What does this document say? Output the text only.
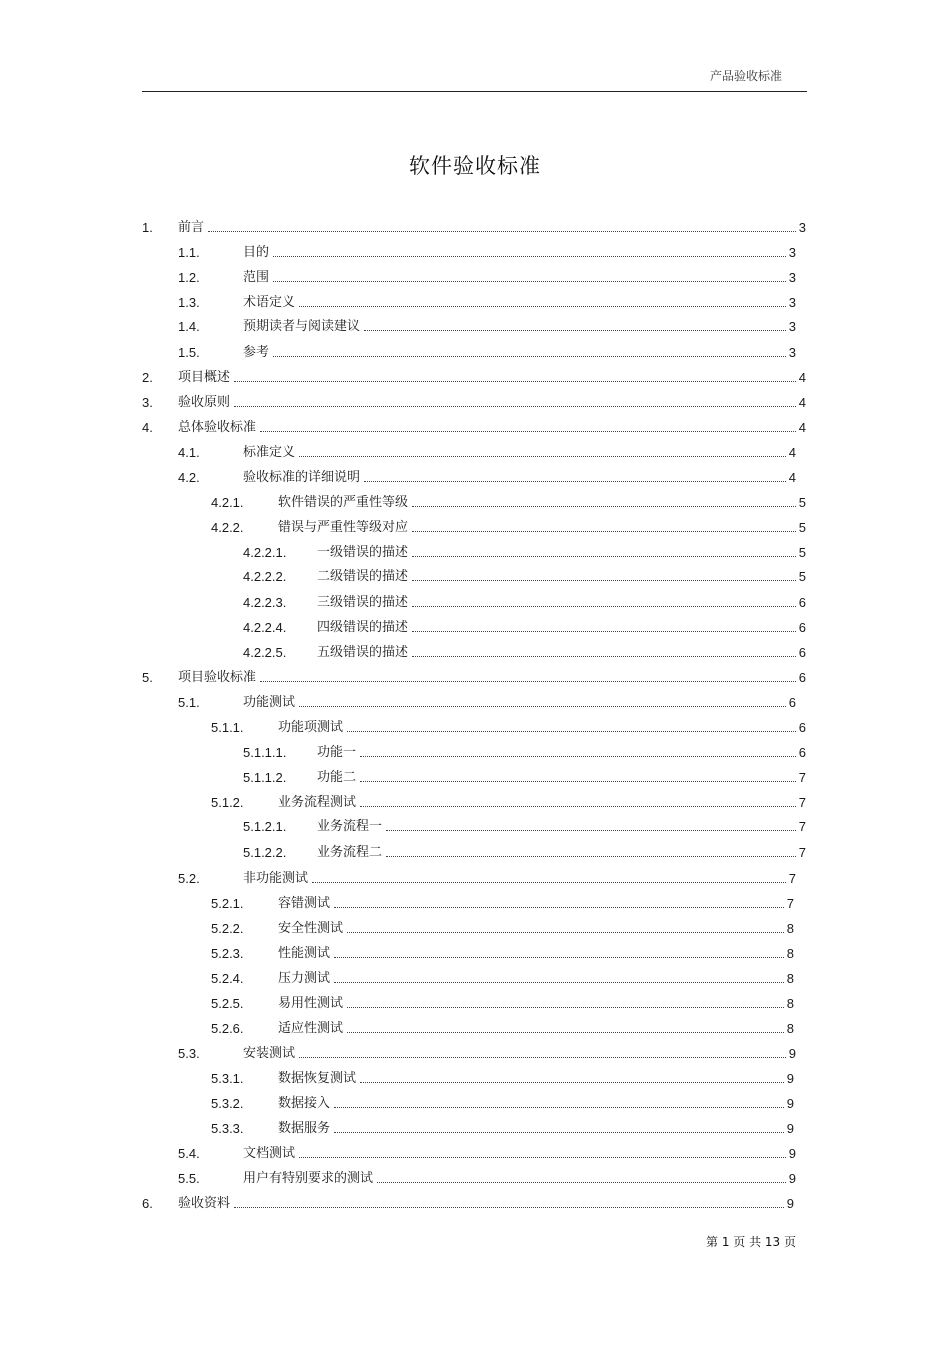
产品验收标准
软件验收标准
1.	前言	3
1.1.	目的	3
1.2.	范围	3
1.3.	术语定义	3
1.4.	预期读者与阅读建议	3
1.5.	参考	3
2.	项目概述	4
3.	验收原则	4
4.	总体验收标准	4
4.1.	标准定义	4
4.2.	验收标准的详细说明	4
4.2.1.	软件错误的严重性等级	5
4.2.2.	错误与严重性等级对应	5
4.2.2.1.	一级错误的描述	5
4.2.2.2.	二级错误的描述	5
4.2.2.3.	三级错误的描述	6
4.2.2.4.	四级错误的描述	6
4.2.2.5.	五级错误的描述	6
5.	项目验收标准	6
5.1.	功能测试	6
5.1.1.	功能项测试	6
5.1.1.1.	功能一	6
5.1.1.2.	功能二	7
5.1.2.	业务流程测试	7
5.1.2.1.	业务流程一	7
5.1.2.2.	业务流程二	7
5.2.	非功能测试	7
5.2.1.	容错测试	7
5.2.2.	安全性测试	8
5.2.3.	性能测试	8
5.2.4.	压力测试	8
5.2.5.	易用性测试	8
5.2.6.	适应性测试	8
5.3.	安装测试	9
5.3.1.	数据恢复测试	9
5.3.2.	数据接入	9
5.3.3.	数据服务	9
5.4.	文档测试	9
5.5.	用户有特别要求的测试	9
6.	验收资料	9
第 1 页 共 13 页
